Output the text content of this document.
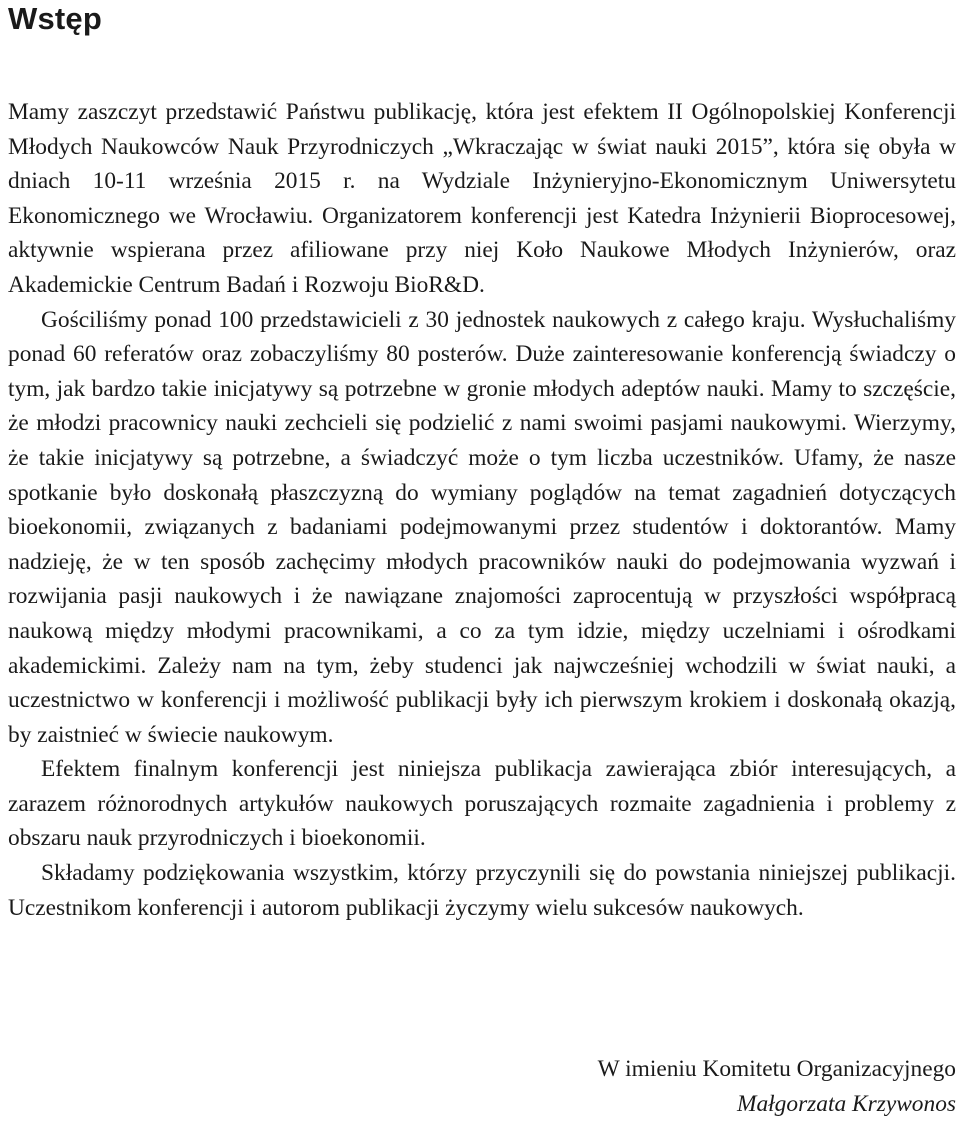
Wstęp

Mamy zaszczyt przedstawić Państwu publikację, która jest efektem II Ogólnopolskiej Konferencji Młodych Naukowców Nauk Przyrodniczych „Wkraczając w świat nauki 2015”, która się obyła w dniach 10-11 września 2015 r. na Wydziale Inżynieryjno-Ekonomicznym Uniwersytetu Ekonomicznego we Wrocławiu. Organizatorem konferencji jest Katedra Inżynierii Bioprocesowej, aktywnie wspierana przez afiliowane przy niej Koło Naukowe Młodych Inżynierów, oraz Akademickie Centrum Badań i Rozwoju BioR&D.

Gościliśmy ponad 100 przedstawicieli z 30 jednostek naukowych z całego kraju. Wysłuchaliśmy ponad 60 referatów oraz zobaczyliśmy 80 posterów. Duże zainteresowanie konferencją świadczy o tym, jak bardzo takie inicjatywy są potrzebne w gronie młodych adeptów nauki. Mamy to szczęście, że młodzi pracownicy nauki zechcieli się podzielić z nami swoimi pasjami naukowymi. Wierzymy, że takie inicjatywy są potrzebne, a świadczyć może o tym liczba uczestników. Ufamy, że nasze spotkanie było doskonałą płaszczyzną do wymiany poglądów na temat zagadnień dotyczących bioekonomii, związanych z badaniami podejmowanymi przez studentów i doktorantów. Mamy nadzieję, że w ten sposób zachęcimy młodych pracowników nauki do podejmowania wyzwań i rozwijania pasji naukowych i że nawiązane znajomości zaprocentują w przyszłości współpracą naukową między młodymi pracownikami, a co za tym idzie, między uczelniami i ośrodkami akademickimi. Zależy nam na tym, żeby studenci jak najwcześniej wchodzili w świat nauki, a uczestnictwo w konferencji i możliwość publikacji były ich pierwszym krokiem i doskonałą okazją, by zaistnieć w świecie naukowym.

Efektem finalnym konferencji jest niniejsza publikacja zawierająca zbiór interesujących, a zarazem różnorodnych artykułów naukowych poruszających rozmaite zagadnienia i problemy z obszaru nauk przyrodniczych i bioekonomii.

Składamy podziękowania wszystkim, którzy przyczynili się do powstania niniejszej publikacji. Uczestnikom konferencji i autorom publikacji życzymy wielu sukcesów naukowych.

W imieniu Komitetu Organizacyjnego
Małgorzata Krzywonos
